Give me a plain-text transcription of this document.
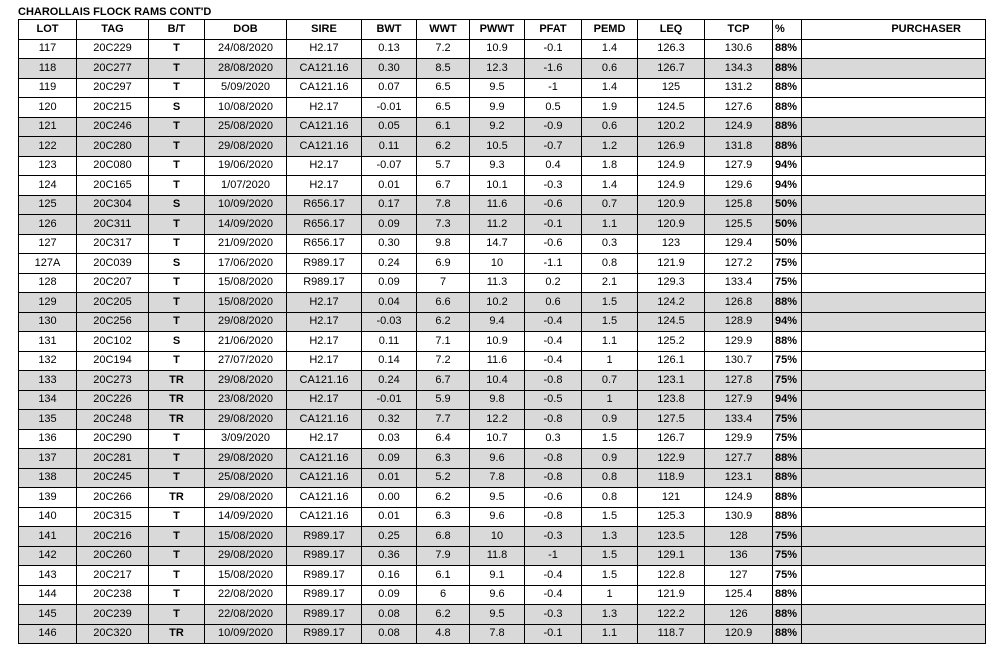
CHAROLLAIS FLOCK RAMS CONT'D
LOT	TAG	B/T	DOB	SIRE	BWT	WWT	PWWT	PFAT	PEMD	LEQ	TCP	%	PURCHASER
117	20C229	T	24/08/2020	H2.17	0.13	7.2	10.9	-0.1	1.4	126.3	130.6	88%	
118	20C277	T	28/08/2020	CA121.16	0.30	8.5	12.3	-1.6	0.6	126.7	134.3	88%	
119	20C297	T	5/09/2020	CA121.16	0.07	6.5	9.5	-1	1.4	125	131.2	88%	
120	20C215	S	10/08/2020	H2.17	-0.01	6.5	9.9	0.5	1.9	124.5	127.6	88%	
121	20C246	T	25/08/2020	CA121.16	0.05	6.1	9.2	-0.9	0.6	120.2	124.9	88%	
122	20C280	T	29/08/2020	CA121.16	0.11	6.2	10.5	-0.7	1.2	126.9	131.8	88%	
123	20C080	T	19/06/2020	H2.17	-0.07	5.7	9.3	0.4	1.8	124.9	127.9	94%	
124	20C165	T	1/07/2020	H2.17	0.01	6.7	10.1	-0.3	1.4	124.9	129.6	94%	
125	20C304	S	10/09/2020	R656.17	0.17	7.8	11.6	-0.6	0.7	120.9	125.8	50%	
126	20C311	T	14/09/2020	R656.17	0.09	7.3	11.2	-0.1	1.1	120.9	125.5	50%	
127	20C317	T	21/09/2020	R656.17	0.30	9.8	14.7	-0.6	0.3	123	129.4	50%	
127A	20C039	S	17/06/2020	R989.17	0.24	6.9	10	-1.1	0.8	121.9	127.2	75%	
128	20C207	T	15/08/2020	R989.17	0.09	7	11.3	0.2	2.1	129.3	133.4	75%	
129	20C205	T	15/08/2020	H2.17	0.04	6.6	10.2	0.6	1.5	124.2	126.8	88%	
130	20C256	T	29/08/2020	H2.17	-0.03	6.2	9.4	-0.4	1.5	124.5	128.9	94%	
131	20C102	S	21/06/2020	H2.17	0.11	7.1	10.9	-0.4	1.1	125.2	129.9	88%	
132	20C194	T	27/07/2020	H2.17	0.14	7.2	11.6	-0.4	1	126.1	130.7	75%	
133	20C273	TR	29/08/2020	CA121.16	0.24	6.7	10.4	-0.8	0.7	123.1	127.8	75%	
134	20C226	TR	23/08/2020	H2.17	-0.01	5.9	9.8	-0.5	1	123.8	127.9	94%	
135	20C248	TR	29/08/2020	CA121.16	0.32	7.7	12.2	-0.8	0.9	127.5	133.4	75%	
136	20C290	T	3/09/2020	H2.17	0.03	6.4	10.7	0.3	1.5	126.7	129.9	75%	
137	20C281	T	29/08/2020	CA121.16	0.09	6.3	9.6	-0.8	0.9	122.9	127.7	88%	
138	20C245	T	25/08/2020	CA121.16	0.01	5.2	7.8	-0.8	0.8	118.9	123.1	88%	
139	20C266	TR	29/08/2020	CA121.16	0.00	6.2	9.5	-0.6	0.8	121	124.9	88%	
140	20C315	T	14/09/2020	CA121.16	0.01	6.3	9.6	-0.8	1.5	125.3	130.9	88%	
141	20C216	T	15/08/2020	R989.17	0.25	6.8	10	-0.3	1.3	123.5	128	75%	
142	20C260	T	29/08/2020	R989.17	0.36	7.9	11.8	-1	1.5	129.1	136	75%	
143	20C217	T	15/08/2020	R989.17	0.16	6.1	9.1	-0.4	1.5	122.8	127	75%	
144	20C238	T	22/08/2020	R989.17	0.09	6	9.6	-0.4	1	121.9	125.4	88%	
145	20C239	T	22/08/2020	R989.17	0.08	6.2	9.5	-0.3	1.3	122.2	126	88%	
146	20C320	TR	10/09/2020	R989.17	0.08	4.8	7.8	-0.1	1.1	118.7	120.9	88%	
